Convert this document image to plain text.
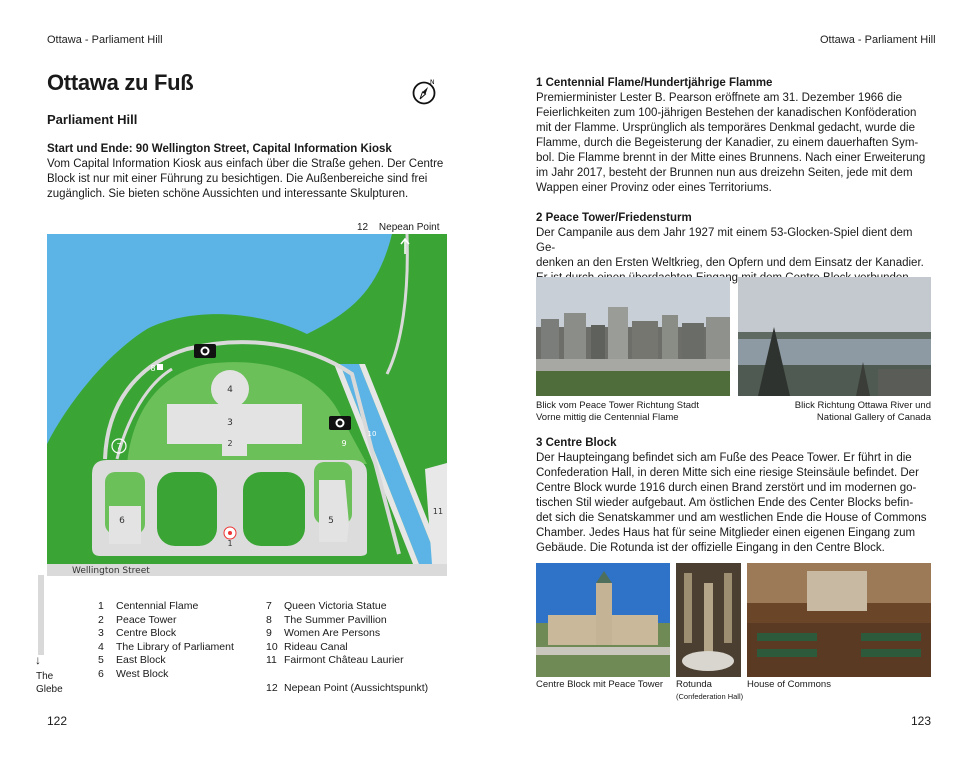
Ottawa - Parliament Hill
Ottawa zu Fuß	N
Parliament Hill
Start und Ende: 90 Wellington Street, Capital Information Kiosk
Vom Capital Information Kiosk aus einfach über die Straße gehen. Der Centre
Block ist nur mit einer Führung zu besichtigen. Die Außenbereiche sind frei
zugänglich. Sie bieten schöne Aussichten und interessante Skulpturen.
12 Nepean Point
1
2
3
4
5
6
7
8
9
10
11
Wellington Street
↓
The
Glebe
1 Centennial Flame
2 Peace Tower
3 Centre Block
4 The Library of Parliament
5 East Block
6 West Block
7 Queen Victoria Statue
8 The Summer Pavillion
9 Women Are Persons
10 Rideau Canal
11 Fairmont Château Laurier
12 Nepean Point (Aussichtspunkt)
122
Ottawa - Parliament Hill
1 Centennial Flame/Hundertjährige Flamme
Premierminister Lester B. Pearson eröffnete am 31. Dezember 1966 die
Feierlichkeiten zum 100-jährigen Bestehen der kanadischen Konföderation
mit der Flamme. Ursprünglich als temporäres Denkmal gedacht, wurde die
Flamme, durch die Begeisterung der Kanadier, zu einem dauerhaften Sym-
bol. Die Flamme brennt in der Mitte eines Brunnens. Nach einer Erweiterung
im Jahr 2017, besteht der Brunnen nun aus dreizehn Seiten, jede mit dem
Wappen einer Provinz oder eines Territoriums.
2 Peace Tower/Friedensturm
Der Campanile aus dem Jahr 1927 mit einem 53-Glocken-Spiel dient dem Ge-
denken an den Ersten Weltkrieg, den Opfern und dem Einsatz der Kanadier.
Blick vom Peace Tower Richtung Stadt
Vorne mittig die Centennial Flame
Blick Richtung Ottawa River und
National Gallery of Canada
3 Centre Block
Der Haupteingang befindet sich am Fuße des Peace Tower. Er führt in die
Confederation Hall, in deren Mitte sich eine riesige Steinsäule befindet. Der
Centre Block wurde 1916 durch einen Brand zerstört und im modernen go-
tischen Stil wieder aufgebaut. Am östlichen Ende des Center Blocks befin-
det sich die Senatskammer und am westlichen Ende die House of Commons
Chamber. Jedes Haus hat für seine Mitglieder einen eigenen Eingang zum
Gebäude. Die Rotunda ist der offizielle Eingang in den Centre Block.
Centre Block mit Peace Tower Rotunda
(Confederation Hall)
House of Commons
123
